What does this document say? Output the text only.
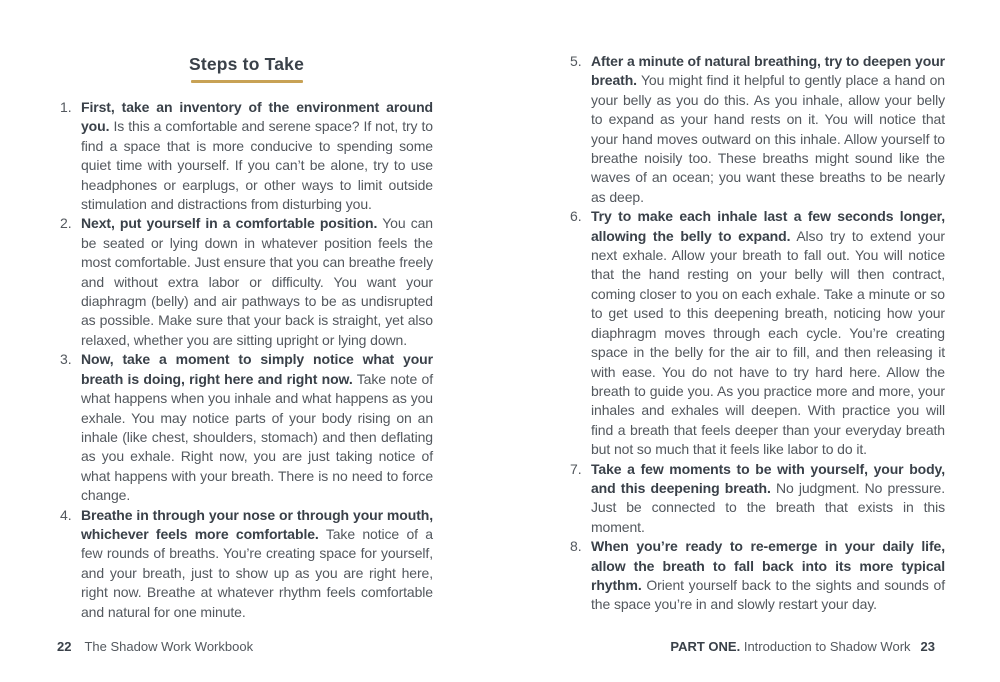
Steps to Take
1. First, take an inventory of the environment around you. Is this a comfortable and serene space? If not, try to find a space that is more conducive to spending some quiet time with yourself. If you can’t be alone, try to use headphones or earplugs, or other ways to limit outside stimulation and distractions from disturbing you.

2. Next, put yourself in a comfortable position. You can be seated or lying down in whatever position feels the most comfortable. Just ensure that you can breathe freely and without extra labor or difficulty. You want your diaphragm (belly) and air pathways to be as undisrupted as possible. Make sure that your back is straight, yet also relaxed, whether you are sitting upright or lying down.

3. Now, take a moment to simply notice what your breath is doing, right here and right now. Take note of what happens when you inhale and what happens as you exhale. You may notice parts of your body rising on an inhale (like chest, shoulders, stomach) and then deflating as you exhale. Right now, you are just taking notice of what happens with your breath. There is no need to force change.

4. Breathe in through your nose or through your mouth, whichever feels more comfortable. Take notice of a few rounds of breaths. You’re creating space for yourself, and your breath, just to show up as you are right here, right now. Breathe at whatever rhythm feels comfortable and natural for one minute.

5. After a minute of natural breathing, try to deepen your breath. You might find it helpful to gently place a hand on your belly as you do this. As you inhale, allow your belly to expand as your hand rests on it. You will notice that your hand moves outward on this inhale. Allow yourself to breathe noisily too. These breaths might sound like the waves of an ocean; you want these breaths to be nearly as deep.

6. Try to make each inhale last a few seconds longer, allowing the belly to expand. Also try to extend your next exhale. Allow your breath to fall out. You will notice that the hand resting on your belly will then contract, coming closer to you on each exhale. Take a minute or so to get used to this deepening breath, noticing how your diaphragm moves through each cycle. You’re creating space in the belly for the air to fill, and then releasing it with ease. You do not have to try hard here. Allow the breath to guide you. As you practice more and more, your inhales and exhales will deepen. With practice you will find a breath that feels deeper than your everyday breath but not so much that it feels like labor to do it.

7. Take a few moments to be with yourself, your body, and this deepening breath. No judgment. No pressure. Just be connected to the breath that exists in this moment.

8. When you’re ready to re-emerge in your daily life, allow the breath to fall back into its more typical rhythm. Orient yourself back to the sights and sounds of the space you’re in and slowly restart your day.

22 The Shadow Work Workbook	PART ONE. Introduction to Shadow Work 23
